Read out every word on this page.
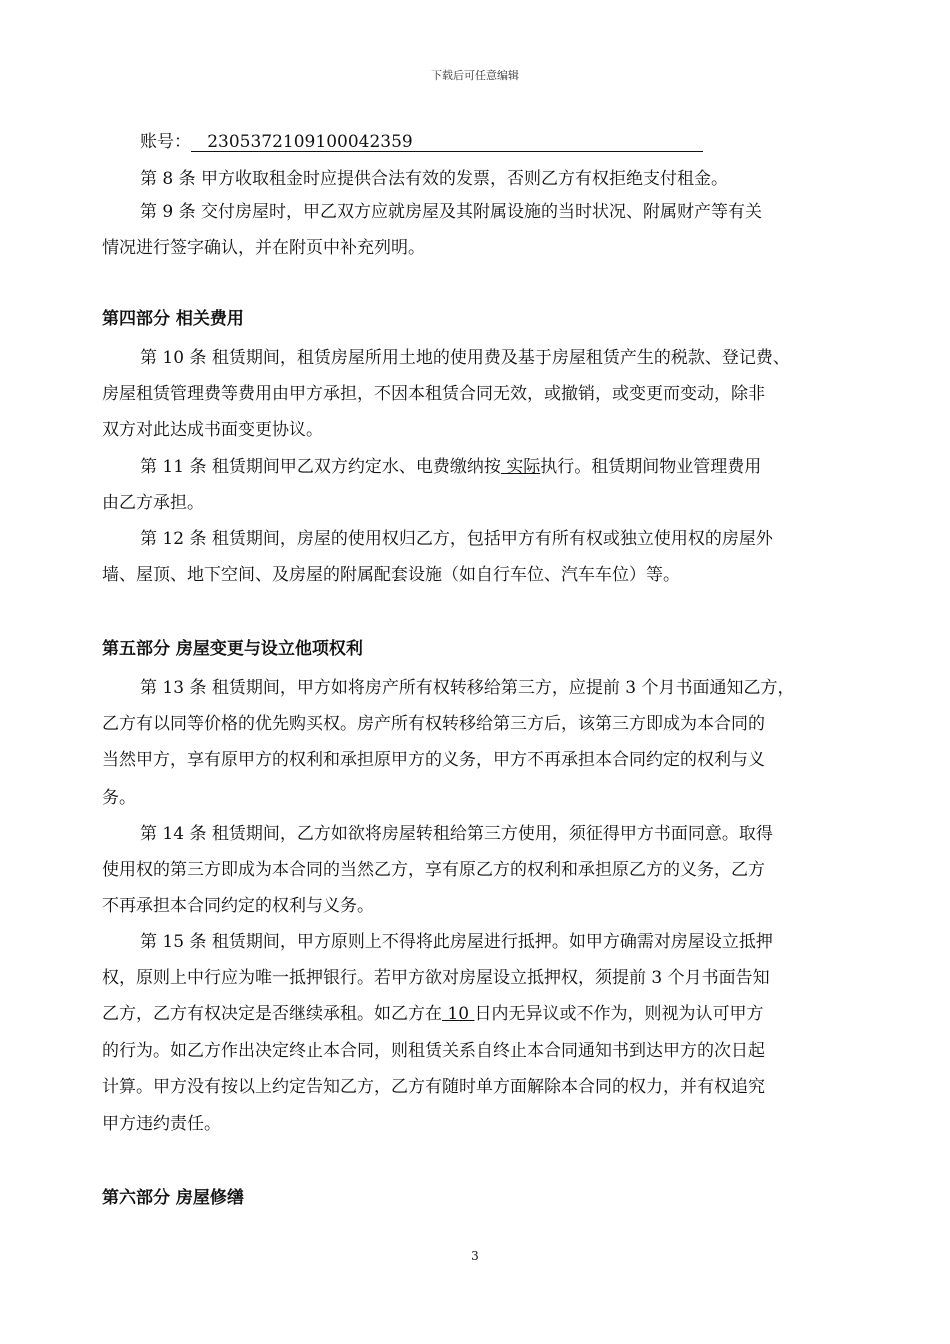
下载后可任意编辑
账号： 2305372109100042359
第 8 条 甲方收取租金时应提供合法有效的发票，否则乙方有权拒绝支付租金。
第 9 条 交付房屋时，甲乙双方应就房屋及其附属设施的当时状况、附属财产等有关
情况进行签字确认，并在附页中补充列明。
第四部分 相关费用
第 10 条 租赁期间，租赁房屋所用土地的使用费及基于房屋租赁产生的税款、登记费、
房屋租赁管理费等费用由甲方承担，不因本租赁合同无效，或撤销，或变更而变动，除非
双方对此达成书面变更协议。
第 11 条 租赁期间甲乙双方约定水、电费缴纳按 实际执行。租赁期间物业管理费用
由乙方承担。
第 12 条 租赁期间，房屋的使用权归乙方，包括甲方有所有权或独立使用权的房屋外
墙、屋顶、地下空间、及房屋的附属配套设施（如自行车位、汽车车位）等。
第五部分 房屋变更与设立他项权利
第 13 条 租赁期间，甲方如将房产所有权转移给第三方，应提前 3 个月书面通知乙方，
乙方有以同等价格的优先购买权。房产所有权转移给第三方后，该第三方即成为本合同的
当然甲方，享有原甲方的权利和承担原甲方的义务，甲方不再承担本合同约定的权利与义
务。
第 14 条 租赁期间，乙方如欲将房屋转租给第三方使用，须征得甲方书面同意。取得
使用权的第三方即成为本合同的当然乙方，享有原乙方的权利和承担原乙方的义务，乙方
不再承担本合同约定的权利与义务。
第 15 条 租赁期间，甲方原则上不得将此房屋进行抵押。如甲方确需对房屋设立抵押
权，原则上中行应为唯一抵押银行。若甲方欲对房屋设立抵押权，须提前 3 个月书面告知
乙方，乙方有权决定是否继续承租。如乙方在 10 日内无异议或不作为，则视为认可甲方
的行为。如乙方作出决定终止本合同，则租赁关系自终止本合同通知书到达甲方的次日起
计算。甲方没有按以上约定告知乙方，乙方有随时单方面解除本合同的权力，并有权追究
甲方违约责任。
第六部分 房屋修缮
3
